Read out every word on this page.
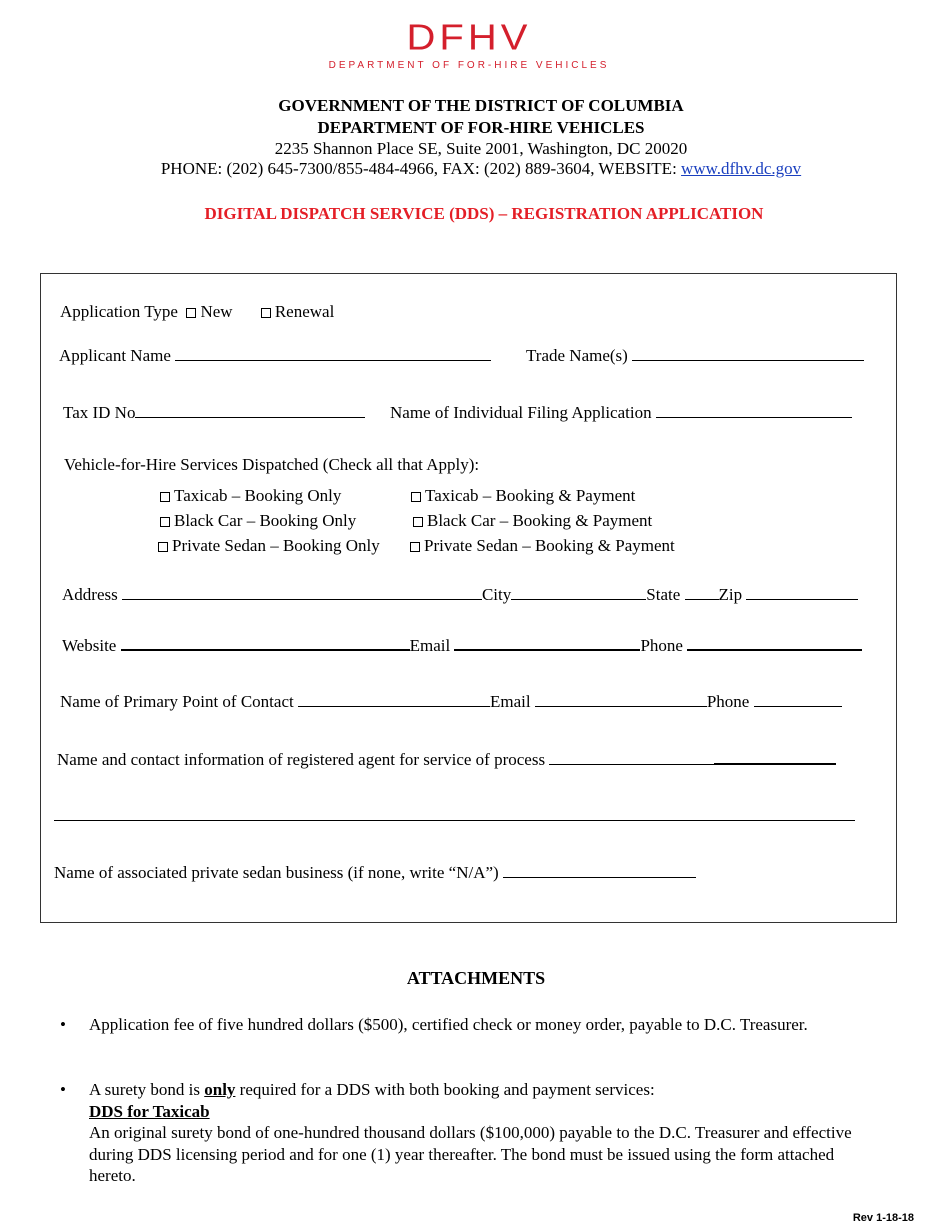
DFHV
DEPARTMENT OF FOR-HIRE VEHICLES
GOVERNMENT OF THE DISTRICT OF COLUMBIA
DEPARTMENT OF FOR-HIRE VEHICLES
2235 Shannon Place SE, Suite 2001, Washington, DC 20020
PHONE: (202) 645-7300/855-484-4966, FAX: (202) 889-3604, WEBSITE: www.dfhv.dc.gov
DIGITAL DISPATCH SERVICE (DDS) – REGISTRATION APPLICATION
Application Type New Renewal
Applicant Name	Trade Name(s)
Tax ID No	Name of Individual Filing Application
Vehicle-for-Hire Services Dispatched (Check all that Apply):
Taxicab – Booking Only	Taxicab – Booking & Payment
Black Car – Booking Only	Black Car – Booking & Payment
Private Sedan – Booking Only	Private Sedan – Booking & Payment
Address	City	State Zip
Website	Email	Phone
Name of Primary Point of Contact	Email	Phone
Name and contact information of registered agent for service of process
Name of associated private sedan business (if none, write “N/A”)
ATTACHMENTS
• Application fee of five hundred dollars ($500), certified check or money order, payable to D.C. Treasurer.
• A surety bond is only required for a DDS with both booking and payment services:
DDS for Taxicab
An original surety bond of one-hundred thousand dollars ($100,000) payable to the D.C. Treasurer and effective during DDS licensing period and for one (1) year thereafter. The bond must be issued using the form attached hereto.
Rev 1-18-18
